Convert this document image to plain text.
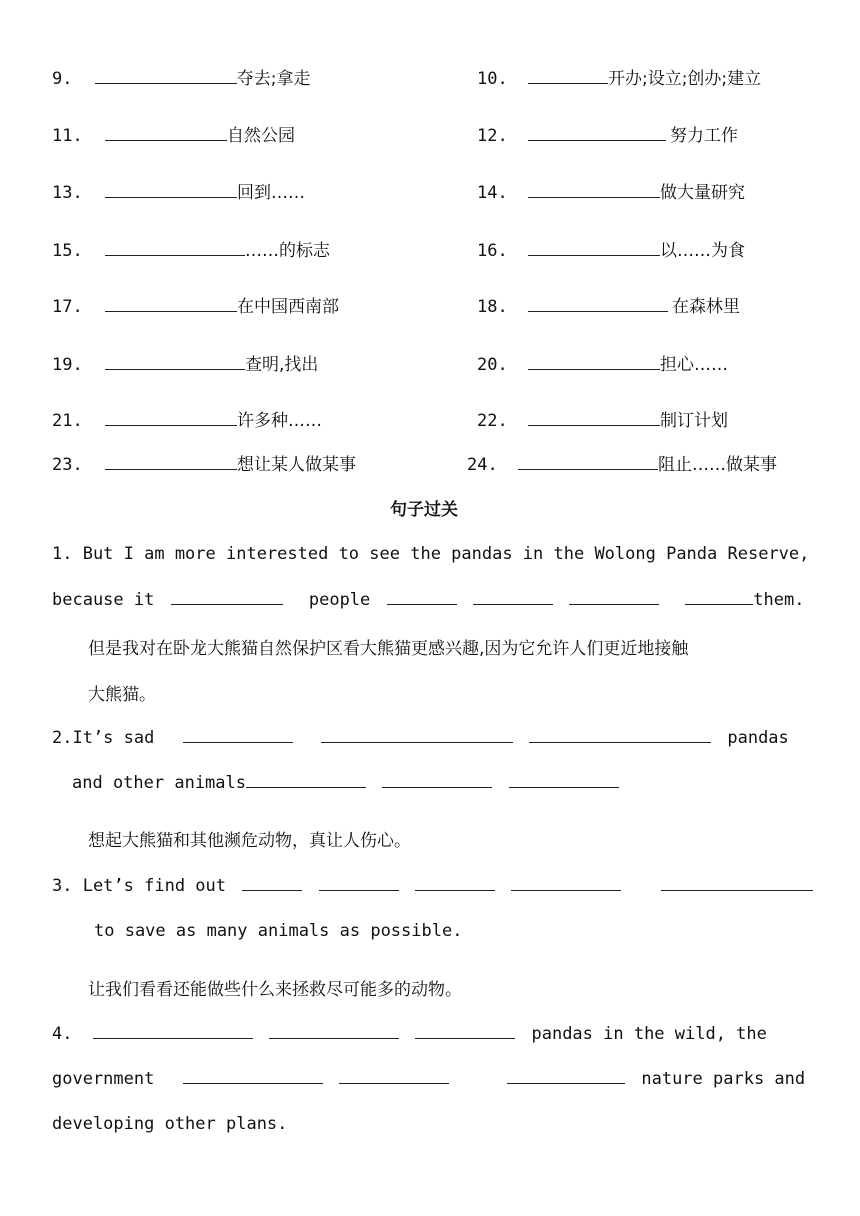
9.	夺去;拿走	10.	开办;设立;创办;建立
11.	自然公园	12.	努力工作
13.	回到……	14.	做大量研究
15.	……的标志	16.	以……为食
17.	在中国西南部	18.	在森林里
19.	查明,找出	20.	担心……
21.	许多种……	22.	制订计划
23.	想让某人做某事	24.	阻止……做某事
句子过关
1. But I am more interested to see the pandas in the Wolong Panda Reserve,
because it	people	them.
但是我对在卧龙大熊猫自然保护区看大熊猫更感兴趣,因为它允许人们更近地接触
大熊猫。
2.It’s sad	pandas
and other animals
想起大熊猫和其他濒危动物，真让人伤心。
3. Let’s find out
to save as many animals as possible.
让我们看看还能做些什么来拯救尽可能多的动物。
4.	pandas in the wild, the
government	nature parks and
developing other plans.
